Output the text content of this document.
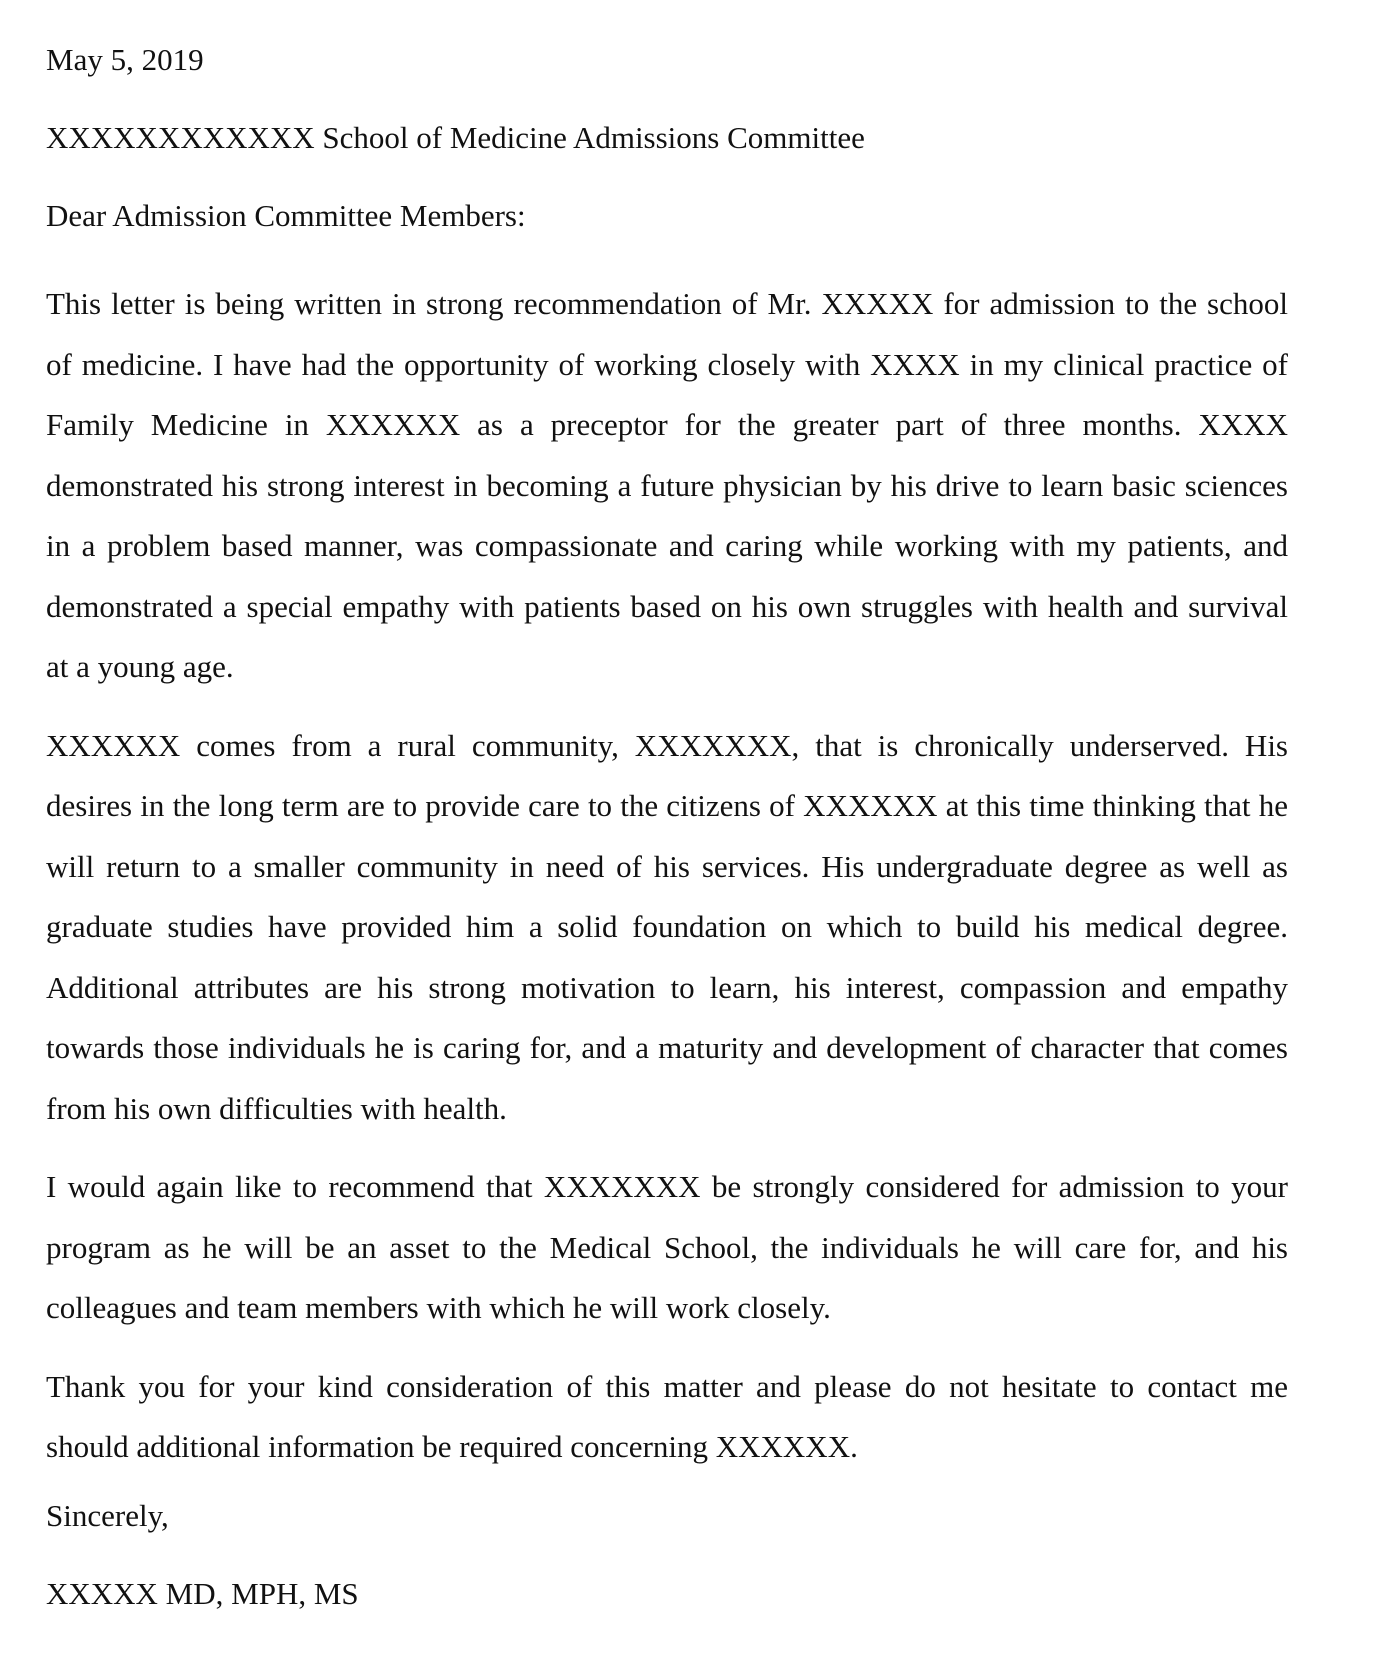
May 5, 2019

XXXXXXXXXXXX School of Medicine Admissions Committee

Dear Admission Committee Members:

This letter is being written in strong recommendation of Mr. XXXXX for admission to the school of medicine. I have had the opportunity of working closely with XXXX in my clinical practice of Family Medicine in XXXXXX as a preceptor for the greater part of three months. XXXX demonstrated his strong interest in becoming a future physician by his drive to learn basic sciences in a problem based manner, was compassionate and caring while working with my patients, and demonstrated a special empathy with patients based on his own struggles with health and survival at a young age.

XXXXXX comes from a rural community, XXXXXXX, that is chronically underserved. His desires in the long term are to provide care to the citizens of XXXXXX at this time thinking that he will return to a smaller community in need of his services. His undergraduate degree as well as graduate studies have provided him a solid foundation on which to build his medical degree. Additional attributes are his strong motivation to learn, his interest, compassion and empathy towards those individuals he is caring for, and a maturity and development of character that comes from his own difficulties with health.

I would again like to recommend that XXXXXXX be strongly considered for admission to your program as he will be an asset to the Medical School, the individuals he will care for, and his colleagues and team members with which he will work closely.

Thank you for your kind consideration of this matter and please do not hesitate to contact me should additional information be required concerning XXXXXX.

Sincerely,

XXXXX MD, MPH, MS
